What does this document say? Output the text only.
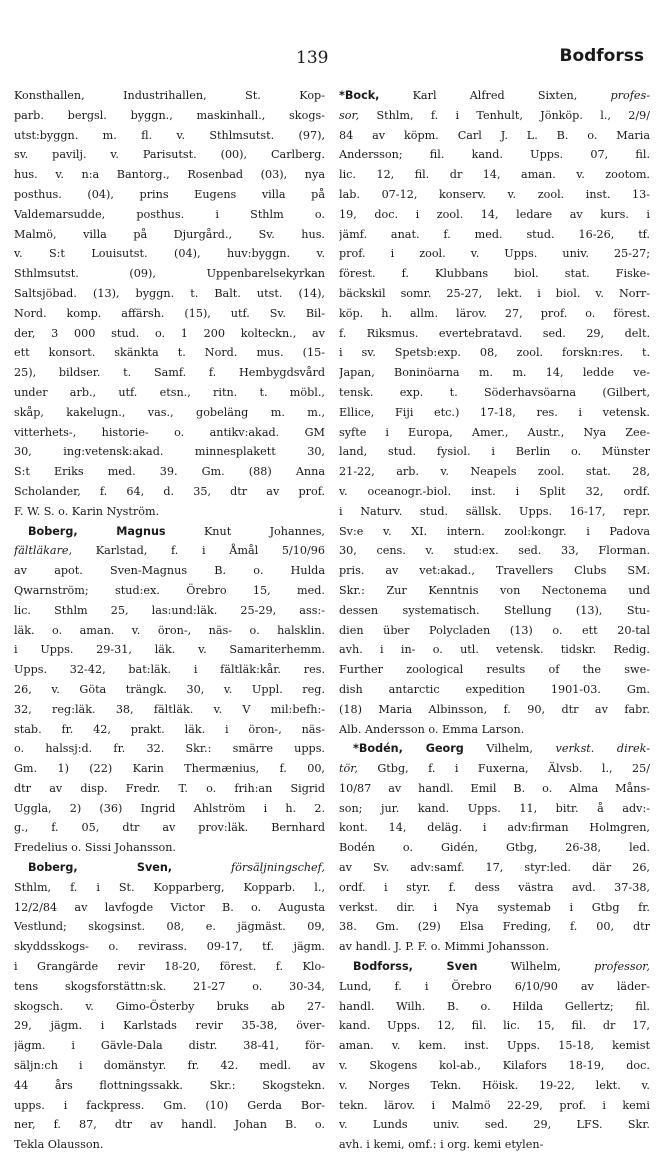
139	Bodforss
Konsthallen, Industrihallen, St. Kop-
parb. bergsl. byggn., maskinhall., skogs-
utst:byggn. m. fl. v. Sthlmsutst. (97),
sv. pavilj. v. Parisutst. (00), Carlberg.
hus. v. n:a Bantorg., Rosenbad (03), nya
posthus. (04), prins Eugens villa på
Valdemarsudde, posthus. i Sthlm o.
Malmö, villa på Djurgård., Sv. hus.
v. S:t Louisutst. (04), huv:byggn. v.
Sthlmsutst. (09), Uppenbarelsekyrkan
Saltsjöbad. (13), byggn. t. Balt. utst. (14),
Nord. komp. affärsh. (15), utf. Sv. Bil-
der, 3 000 stud. o. 1 200 kolteckn., av
ett konsort. skänkta t. Nord. mus. (15-
25), bildser. t. Samf. f. Hembygdsvård
under arb., utf. etsn., ritn. t. möbl.,
skåp, kakelugn., vas., gobeläng m. m.,
vitterhets-, historie- o. antikv:akad. GM
30, ing:vetensk:akad. minnesplakett 30,
S:t Eriks med. 39. Gm. (88) Anna
Scholander, f. 64, d. 35, dtr av prof.
F. W. S. o. Karin Nyström.
Boberg, Magnus Knut Johannes,
fältläkare, Karlstad, f. i Åmål 5/10/96
av apot. Sven-Magnus B. o. Hulda
Qwarnström; stud:ex. Örebro 15, med.
lic. Sthlm 25, las:und:läk. 25-29, ass:-
läk. o. aman. v. öron-, näs- o. halsklin.
i Upps. 29-31, läk. v. Samariterhemm.
Upps. 32-42, bat:läk. i fältläk:kår. res.
26, v. Göta trängk. 30, v. Uppl. reg.
32, reg:läk. 38, fältläk. v. V mil:befh:-
stab. fr. 42, prakt. läk. i öron-, näs-
o. halssj:d. fr. 32. Skr.: smärre upps.
Gm. 1) (22) Karin Thermænius, f. 00,
dtr av disp. Fredr. T. o. frih:an Sigrid
Uggla, 2) (36) Ingrid Ahlström i h. 2.
g., f. 05, dtr av prov:läk. Bernhard
Fredelius o. Sissi Johansson.
Boberg, Sven, försäljningschef,
Sthlm, f. i St. Kopparberg, Kopparb. l.,
12/2/84 av lavfogde Victor B. o. Augusta
Vestlund; skogsinst. 08, e. jägmäst. 09,
skyddsskogs- o. revirass. 09-17, tf. jägm.
i Grangärde revir 18-20, förest. f. Klo-
tens skogsforstättn:sk. 21-27 o. 30-34,
skogsch. v. Gimo-Österby bruks ab 27-
29, jägm. i Karlstads revir 35-38, över-
jägm. i Gävle-Dala distr. 38-41, för-
säljn:ch i domänstyr. fr. 42. medl. av
44 års flottningssakk. Skr.: Skogstekn.
upps. i fackpress. Gm. (10) Gerda Bor-
ner, f. 87, dtr av handl. Johan B. o.
Tekla Olausson.
*Bock, Karl Alfred Sixten, profes-
sor, Sthlm, f. i Tenhult, Jönköp. l., 2/9/
84 av köpm. Carl J. L. B. o. Maria
Andersson; fil. kand. Upps. 07, fil.
lic. 12, fil. dr 14, aman. v. zootom.
lab. 07-12, konserv. v. zool. inst. 13-
19, doc. i zool. 14, ledare av kurs. i
jämf. anat. f. med. stud. 16-26, tf.
prof. i zool. v. Upps. univ. 25-27;
förest. f. Klubbans biol. stat. Fiske-
bäckskil somr. 25-27, lekt. i biol. v. Norr-
köp. h. allm. lärov. 27, prof. o. förest.
f. Riksmus. evertebratavd. sed. 29, delt.
i sv. Spetsb:exp. 08, zool. forskn:res. t.
Japan, Boninöarna m. m. 14, ledde ve-
tensk. exp. t. Söderhavsöarna (Gilbert,
Ellice, Fiji etc.) 17-18, res. i vetensk.
syfte i Europa, Amer., Austr., Nya Zee-
land, stud. fysiol. i Berlin o. Münster
21-22, arb. v. Neapels zool. stat. 28,
v. oceanogr.-biol. inst. i Split 32, ordf.
i Naturv. stud. sällsk. Upps. 16-17, repr.
Sv:e v. XI. intern. zool:kongr. i Padova
30, cens. v. stud:ex. sed. 33, Florman.
pris. av vet:akad., Travellers Clubs SM.
Skr.: Zur Kenntnis von Nectonema und
dessen systematisch. Stellung (13), Stu-
dien über Polycladen (13) o. ett 20-tal
avh. i in- o. utl. vetensk. tidskr. Redig.
Further zoological results of the swe-
dish antarctic expedition 1901-03. Gm.
(18) Maria Albinsson, f. 90, dtr av fabr.
Alb. Andersson o. Emma Larson.
*Bodén, Georg Vilhelm, verkst. direk-
tör, Gtbg, f. i Fuxerna, Älvsb. l., 25/
10/87 av handl. Emil B. o. Alma Måns-
son; jur. kand. Upps. 11, bitr. å adv:-
kont. 14, deläg. i adv:firman Holmgren,
Bodén o. Gidén, Gtbg, 26-38, led.
av Sv. adv:samf. 17, styr:led. där 26,
ordf. i styr. f. dess västra avd. 37-38,
verkst. dir. i Nya systemab i Gtbg fr.
38. Gm. (29) Elsa Freding, f. 00, dtr
av handl. J. P. F. o. Mimmi Johansson.
Bodforss, Sven Wilhelm, professor,
Lund, f. i Örebro 6/10/90 av läder-
handl. Wilh. B. o. Hilda Gellertz; fil.
kand. Upps. 12, fil. lic. 15, fil. dr 17,
aman. v. kem. inst. Upps. 15-18, kemist
v. Skogens kol-ab., Kilafors 18-19, doc.
v. Norges Tekn. Höisk. 19-22, lekt. v.
tekn. lärov. i Malmö 22-29, prof. i kemi
v. Lunds univ. sed. 29, LFS. Skr.
avh. i kemi, omf.: i org. kemi etylen-
